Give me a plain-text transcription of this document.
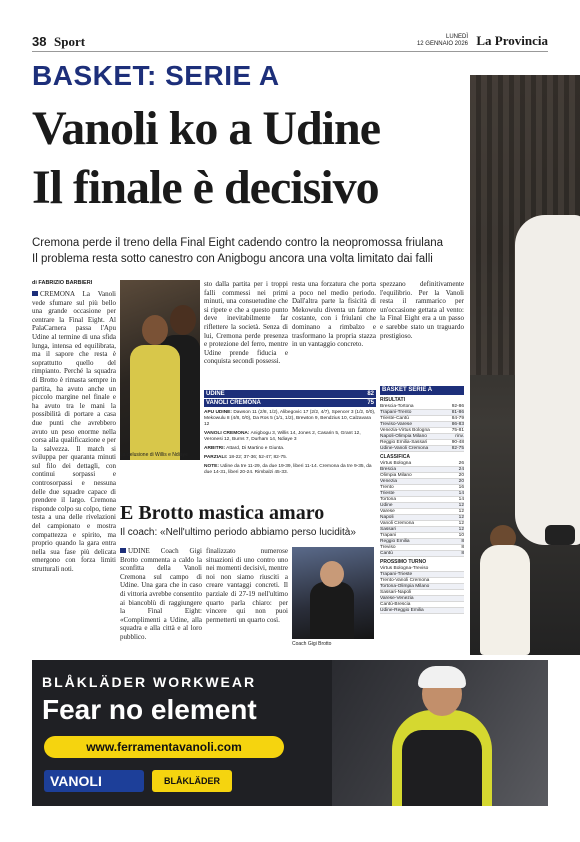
38 Sport	LUNEDÌ
12 GENNAIO 2026 La Provincia
BASKET: SERIE A
Vanoli ko a Udine
Il finale è decisivo
Cremona perde il treno della Final Eight cadendo contro la neopromossa friulana
Il problema resta sotto canestro con Anigbogu ancora una volta limitato dai falli
di FABRIZIO BARBIERI
CREMONA La Vanoli vede sfumare sul più bello una grande occasione per centrare la Final Eight. Al PalaCarnera passa l'Apu Udine al termine di una sfida lunga, intensa ed equilibrata, ma il sapore che resta è soprattutto quello del rimpianto. Perché la squadra di Brotto è rimasta sempre in partita, ha avuto anche un piccolo margine nel finale e ha avuto tra le mani la possibilità di portare a casa due punti che avrebbero avuto un peso enorme nella corsa alla qualificazione e per la salvezza. Il match si sviluppa per quaranta minuti sul filo dei dettagli, con continui sorpassi e controsorpassi e nessuna delle due squadre capace di prendere il largo. Cremona risponde colpo su colpo, tiene testa a una delle rivelazioni del campionato e mostra compattezza e spirito, ma proprio quando la gara entra nella sua fase più delicata emergono con forza limiti strutturali noti.
La delusione di Willis e Ndiaye
sto dalla partita per i troppi falli commessi nei primi minuti, una consuetudine che si ripete e che a questo punto deve inevitabilmente far riflettere la società. Senza di lui, Cremona perde presenza e protezione del ferro, mentre Udine prende fiducia e conquista secondi possessi.
resta una forzatura che porta a poco nel medio periodo. Dall'altra parte la fisicità di Mekowulu diventa un fattore costante, con i friulani che dominano a rimbalzo e trasformano la propria stazza in un vantaggio concreto.
spezzano definitivamente l'equilibrio. Per la Vanoli resta il rammarico per un'occasione gettata al vento: la Final Eight era a un passo e sarebbe stato un traguardo prestigioso.
UDINE	82
VANOLI CREMONA	75
APU UDINE: Dawson 11 (2/8, 1/2), Alibegovic 17 (2/2, 4/7), Spencer 3 (1/2, 0/0), Mekowulu 8 (4/8, 0/0), Da Ros 5 (1/1, 1/2), Brewton 9, Bendzius 10, Calzavara 12
VANOLI CREMONA: Anigbogu 3, Willis 14, Jones 2, Casarin 5, Grant 12, Veronesi 12, Burns 7, Durham 14, Ndiaye 3
ARBITRI: Attard, Di Martino e Giunta.
PARZIALI: 18-22; 37-36; 52-47; 82-75.
NOTE: Udine da tre 11-29, da due 19-39, liberi 11-14. Cremona da tre 9-35, da due 14-31, liberi 20-24. Rimbalzi 45-33.
BASKET SERIE A
RISULTATI
Brescia-Tortona	92-86
Trapani-Trento	81-86
Trieste-Cantù	84-79
Treviso-Varese	86-83
Venezia-Virtus Bologna	75-81
Napoli-Olimpia Milano	rinv.
Reggio Emilia-Sassari	90-48
Udine-Vanoli Cremona	82-75
CLASSIFICA
Virtus Bologna	26
Brescia	24
Olimpia Milano	20
Venezia	20
Trento	16
Trieste	14
Tortona	14
Udine	12
Varese	12
Napoli	12
Vanoli Cremona	12
Sassari	12
Trapani	10
Reggio Emilia	8
Treviso	8
Cantù	8
PROSSIMO TURNO
Virtus Bologna-Treviso
Trapani-Trieste
Trento-Vanoli Cremona
Tortona-Olimpia Milano
Sassari-Napoli
Varese-Venezia
Cantù-Brescia
Udine-Reggio Emilia
E Brotto mastica amaro
Il coach: «Nell'ultimo periodo abbiamo perso lucidità»
UDINE Coach Gigi Brotto commenta a caldo la sconfitta della Vanoli Cremona sul campo di Udine. Una gara che in caso di vittoria avrebbe consentito ai biancoblù di raggiungere la Final Eight: «Complimenti a Udine, alla squadra e alla città e al loro pubblico.
finalizzato numerose situazioni di uno contro uno nei momenti decisivi, mentre noi non siamo riusciti a creare vantaggi concreti. Il parziale di 27-19 nell'ultimo quarto parla chiaro: per vincere qui non puoi permetterti un quarto così.
Coach Gigi Brotto
BLÅKLÄDER WORKWEAR
Fear no element
www.ferramentavanoli.com
VANOLI	BLÅKLÄDER
